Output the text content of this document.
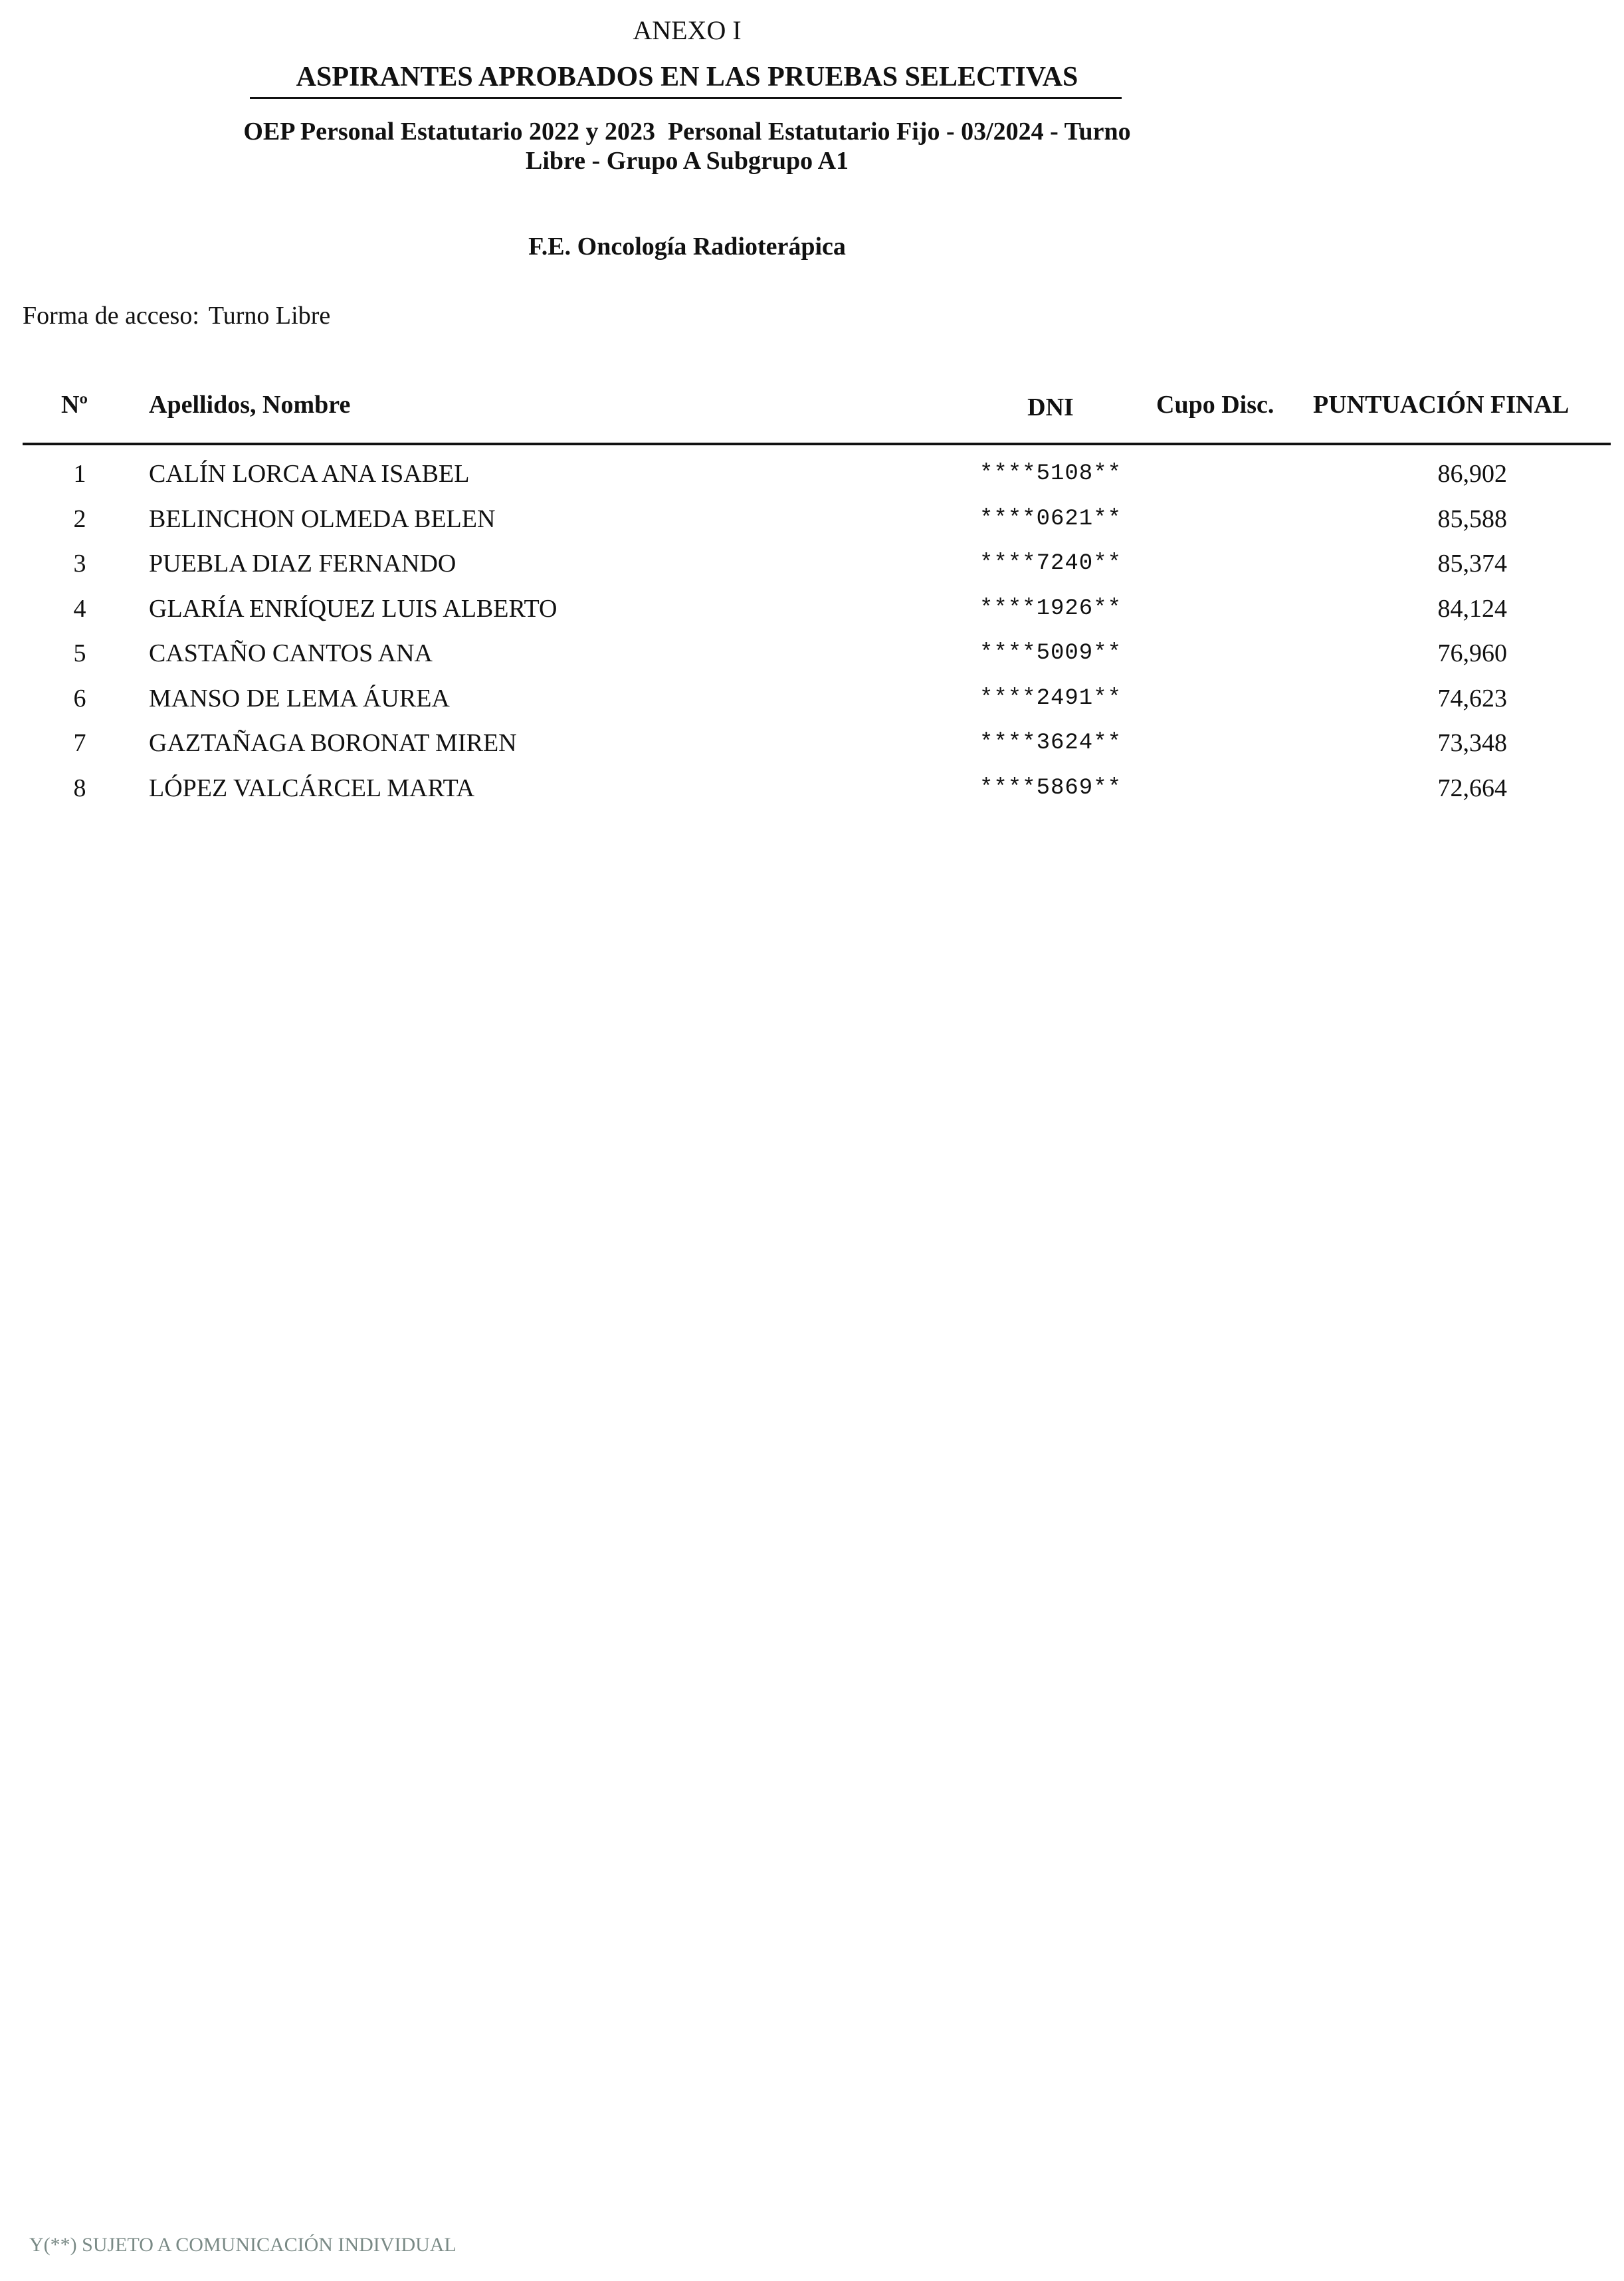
ANEXO I
ASPIRANTES APROBADOS EN LAS PRUEBAS SELECTIVAS
OEP Personal Estatutario 2022 y 2023  Personal Estatutario Fijo - 03/2024 - Turno
Libre - Grupo A Subgrupo A1
F.E. Oncología Radioterápica
Forma de acceso: Turno Libre
Nº Apellidos, Nombre	DNI	Cupo Disc. PUNTUACIÓN FINAL
1	CALÍN LORCA ANA ISABEL	****5108**	86,902
2	BELINCHON OLMEDA BELEN	****0621**	85,588
3	PUEBLA DIAZ FERNANDO	****7240**	85,374
4	GLARÍA ENRÍQUEZ LUIS ALBERTO	****1926**	84,124
5	CASTAÑO CANTOS ANA	****5009**	76,960
6	MANSO DE LEMA ÁUREA	****2491**	74,623
7	GAZTAÑAGA BORONAT MIREN	****3624**	73,348
8	LÓPEZ VALCÁRCEL MARTA	****5869**	72,664
Y(**) SUJETO A COMUNICACIÓN INDIVIDUAL
